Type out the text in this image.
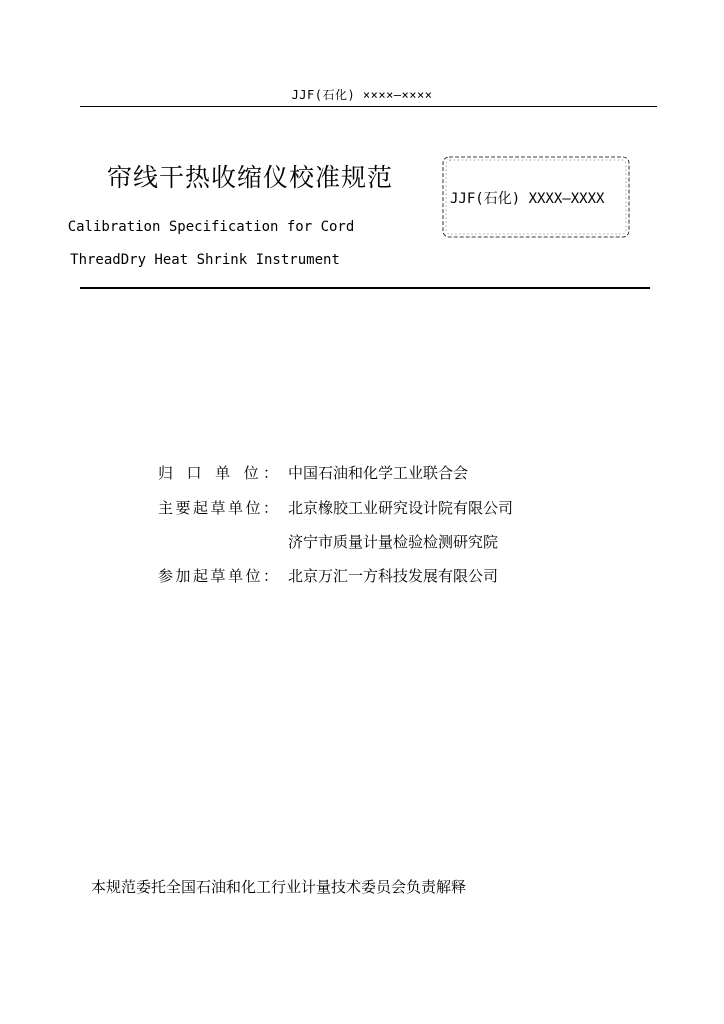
JJF(石化) ××××—××××
帘线干热收缩仪校准规范
Calibration Specification for Cord
ThreadDry Heat Shrink Instrument
JJF(石化) XXXX—XXXX
归 口 单 位： 中国石油和化学工业联合会
主要起草单位： 北京橡胶工业研究设计院有限公司
济宁市质量计量检验检测研究院
参加起草单位： 北京万汇一方科技发展有限公司
本规范委托全国石油和化工行业计量技术委员会负责解释
